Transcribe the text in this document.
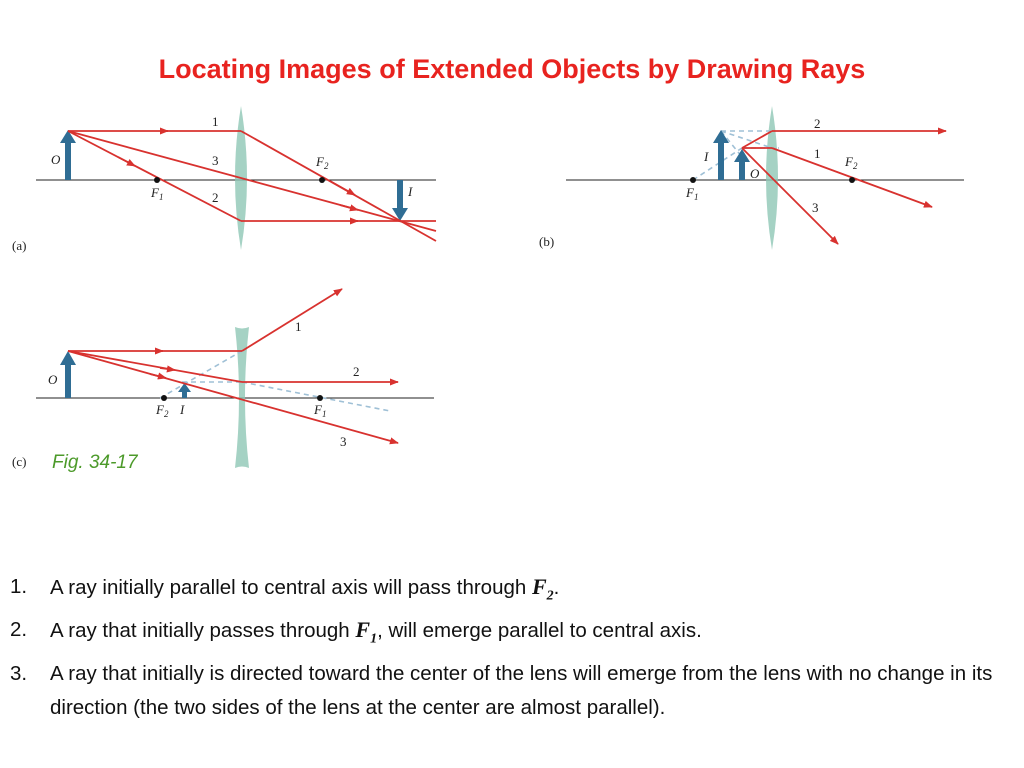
Locating Images of Extended Objects by Drawing Rays
O
I
$F_1$
$F_2$
1
2
3
(a)
I
O
$F_1$
$F_2$
1
2
3
(b)
O
I
$F_2$	$F_1$
1
2
3
(c) Fig. 34-17
1. A ray initially parallel to central axis will pass through $F_2$.
2. A ray that initially passes through $F_1$, will emerge parallel to central axis.
3. A ray that initially is directed toward the center of the lens will emerge from the lens with no change in its direction (the two sides of the lens at the center are almost parallel).
